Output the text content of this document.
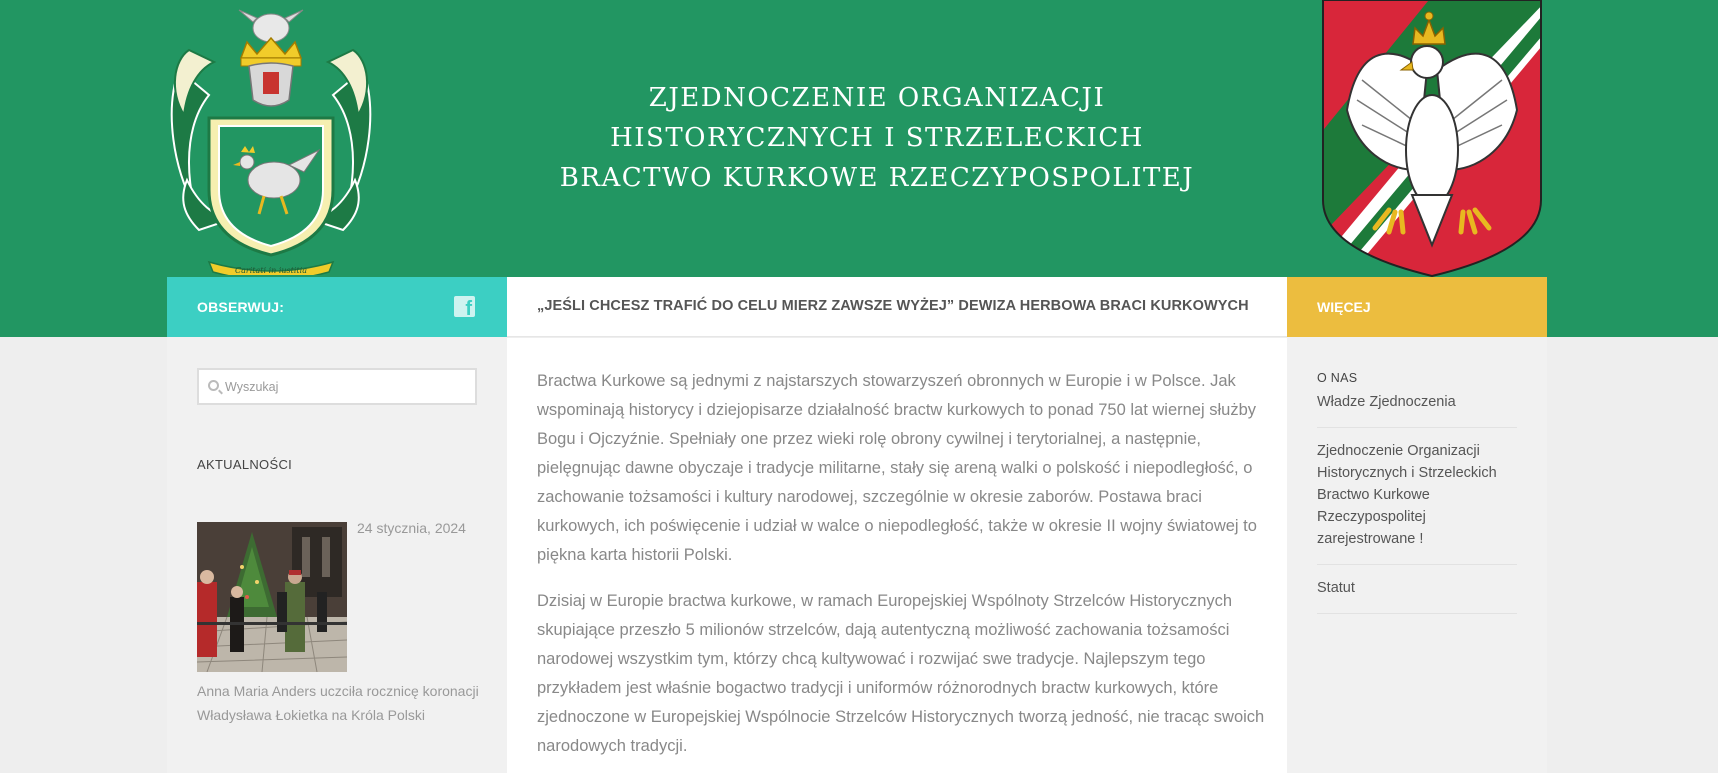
Caritati in iustitia
ZJEDNOCZENIE ORGANIZACJI
HISTORYCZNYCH I STRZELECKICH
BRACTWO KURKOWE RZECZYPOSPOLITEJ
OBSERWUJ:	f	„JEŚLI CHCESZ TRAFIĆ DO CELU MIERZ ZAWSZE WYŻEJ” DEWIZA HERBOWA BRACI KURKOWYCH	WIĘCEJ
Wyszukaj
AKTUALNOŚCI
24 stycznia, 2024
Anna Maria Anders uczciła rocznicę koronacji Władysława Łokietka na Króla Polski

Bractwa Kurkowe są jednymi z najstarszych stowarzyszeń obronnych w Europie i w Polsce. Jak wspominają historycy i dziejopisarze działalność bractw kurkowych to ponad 750 lat wiernej służby Bogu i Ojczyźnie. Spełniały one przez wieki rolę obrony cywilnej i terytorialnej, a następnie, pielęgnując dawne obyczaje i tradycje militarne, stały się areną walki o polskość i niepodległość, o zachowanie tożsamości i kultury narodowej, szczególnie w okresie zaborów. Postawa braci kurkowych, ich poświęcenie i udział w walce o niepodległość, także w okresie II wojny światowej to piękna karta historii Polski.

Dzisiaj w Europie bractwa kurkowe, w ramach Europejskiej Wspólnoty Strzelców Historycznych skupiające przeszło 5 milionów strzelców, dają autentyczną możliwość zachowania tożsamości narodowej wszystkim tym, którzy chcą kultywować i rozwijać swe tradycje. Najlepszym tego przykładem jest właśnie bogactwo tradycji i uniformów różnorodnych bractw kurkowych, które zjednoczone w Europejskiej Wspólnocie Strzelców Historycznych tworzą jedność, nie tracąc swoich narodowych tradycji.

O NAS
Władze Zjednoczenia
Zjednoczenie Organizacji Historycznych i Strzeleckich Bractwo Kurkowe Rzeczypospolitej zarejestrowane !
Statut
